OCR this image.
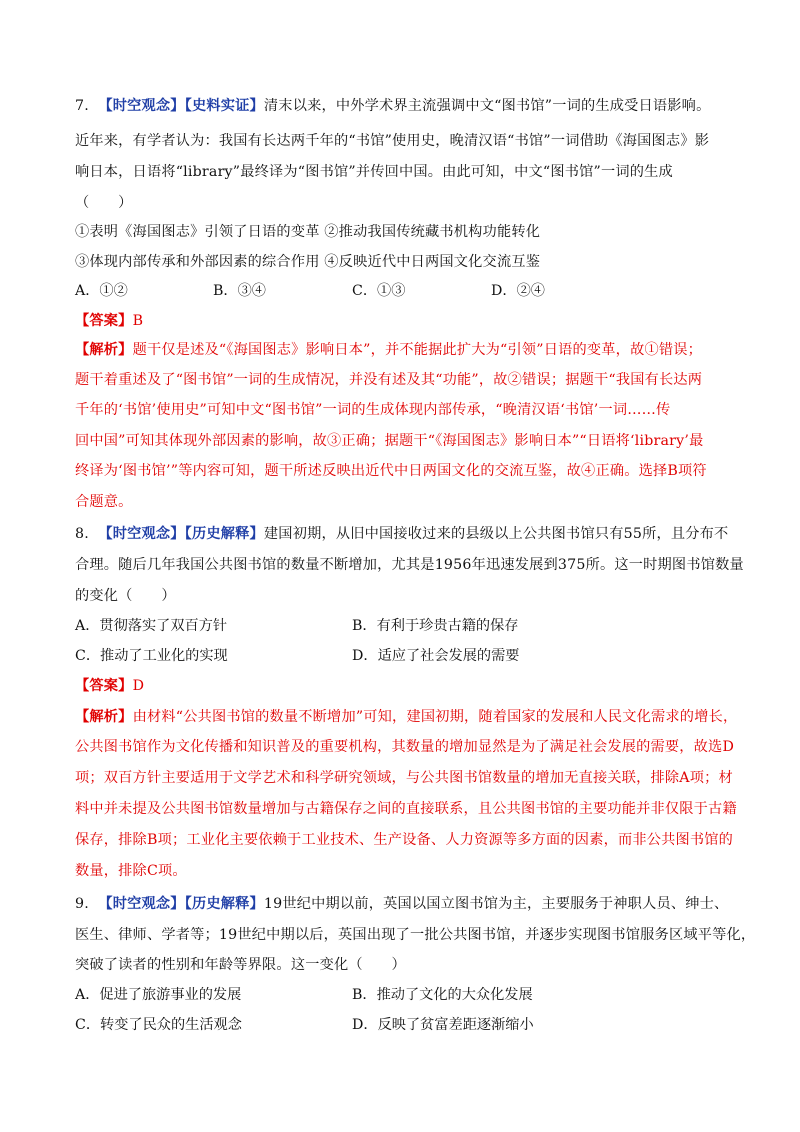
7. 【时空观念】【史料实证】清末以来，中外学术界主流强调中文“图书馆”一词的生成受日语影响。
近年来，有学者认为：我国有长达两千年的“书馆”使用史，晚清汉语“书馆”一词借助《海国图志》影
响日本，日语将“library”最终译为“图书馆”并传回中国。由此可知，中文“图书馆”一词的生成
（　　）
①表明《海国图志》引领了日语的变革 ②推动我国传统藏书机构功能转化
③体现内部传承和外部因素的综合作用 ④反映近代中日两国文化交流互鉴
A．①②	B．③④	C．①③	D．②④
【答案】B
【解析】题干仅是述及“《海国图志》影响日本”，并不能据此扩大为“引领”日语的变革，故①错误；
题干着重述及了“图书馆”一词的生成情况，并没有述及其“功能”，故②错误；据题干“我国有长达两
千年的‘书馆’使用史”可知中文“图书馆”一词的生成体现内部传承，“晚清汉语‘书馆’一词……传
回中国”可知其体现外部因素的影响，故③正确；据题干“《海国图志》影响日本”“日语将‘library’最
终译为‘图书馆’”等内容可知，题干所述反映出近代中日两国文化的交流互鉴，故④正确。选择B项符
合题意。
8. 【时空观念】【历史解释】建国初期，从旧中国接收过来的县级以上公共图书馆只有55所，且分布不
合理。随后几年我国公共图书馆的数量不断增加，尤其是1956年迅速发展到375所。这一时期图书馆数量
的变化（　　）
A．贯彻落实了双百方针	B．有利于珍贵古籍的保存
C．推动了工业化的实现	D．适应了社会发展的需要
【答案】D
【解析】由材料“公共图书馆的数量不断增加”可知，建国初期，随着国家的发展和人民文化需求的增长，
公共图书馆作为文化传播和知识普及的重要机构，其数量的增加显然是为了满足社会发展的需要，故选D
项；双百方针主要适用于文学艺术和科学研究领域，与公共图书馆数量的增加无直接关联，排除A项；材
料中并未提及公共图书馆数量增加与古籍保存之间的直接联系，且公共图书馆的主要功能并非仅限于古籍
保存，排除B项；工业化主要依赖于工业技术、生产设备、人力资源等多方面的因素，而非公共图书馆的
数量，排除C项。
9. 【时空观念】【历史解释】19世纪中期以前，英国以国立图书馆为主，主要服务于神职人员、绅士、
医生、律师、学者等；19世纪中期以后，英国出现了一批公共图书馆，并逐步实现图书馆服务区域平等化，
突破了读者的性别和年龄等界限。这一变化（　　）
A．促进了旅游事业的发展	B．推动了文化的大众化发展
C．转变了民众的生活观念	D．反映了贫富差距逐渐缩小
